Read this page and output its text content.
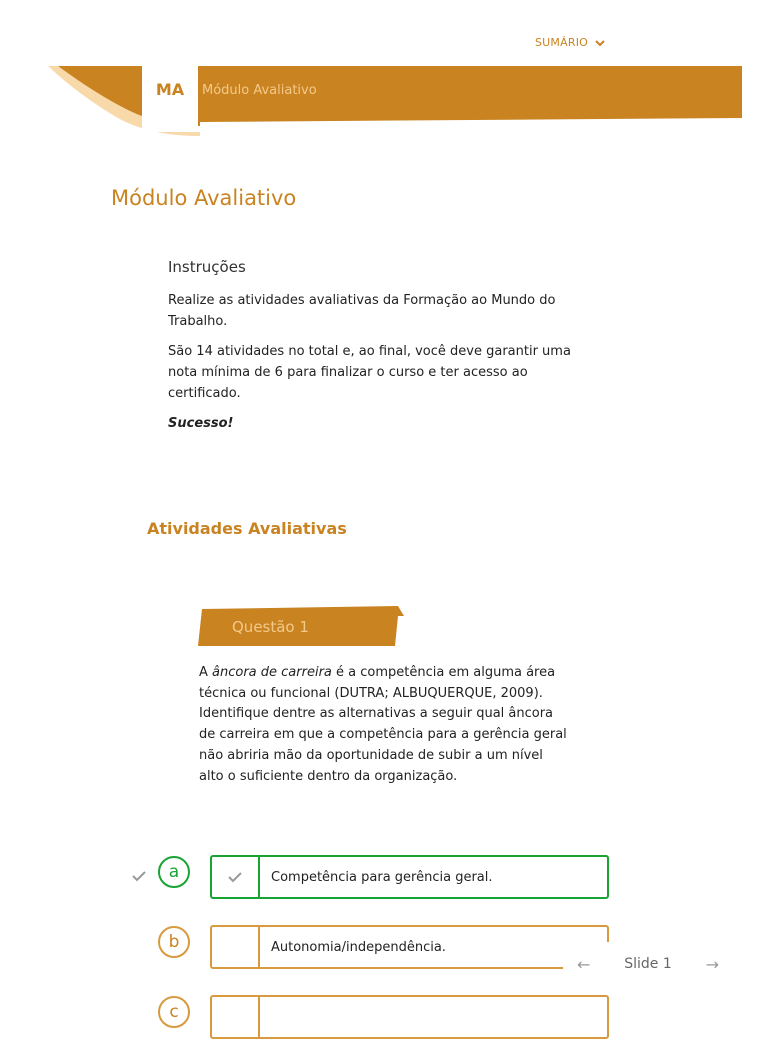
SUMÁRIO
MA	Módulo Avaliativo
Módulo Avaliativo
Instruções

Realize as atividades avaliativas da Formação ao Mundo do Trabalho.

São 14 atividades no total e, ao final, você deve garantir uma nota mínima de 6 para finalizar o curso e ter acesso ao certificado.

Sucesso!

Atividades Avaliativas
Questão 1
A âncora de carreira é a competência em alguma área técnica ou funcional (DUTRA; ALBUQUERQUE, 2009). Identifique dentre as alternativas a seguir qual âncora de carreira em que a competência para a gerência geral não abriria mão da oportunidade de subir a um nível alto o suficiente dentro da organização.
a	Competência para gerência geral.
b	Autonomia/independência.
c
← Slide 1 →
